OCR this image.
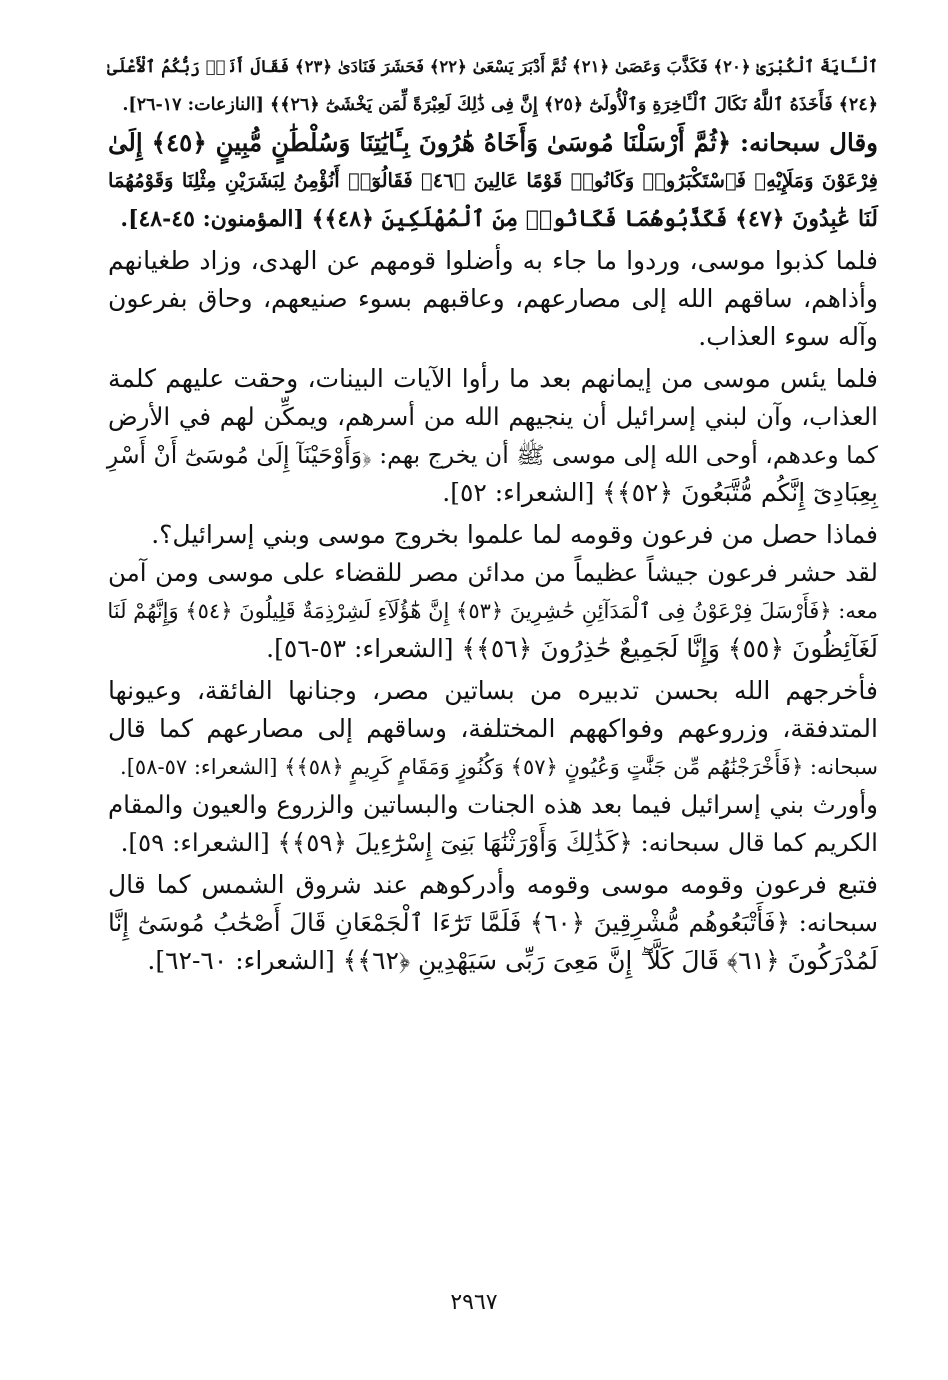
ٱلْـَٔايَةَ ٱلْكُبْرَىٰ ﴿٢٠﴾ فَكَذَّبَ وَعَصَىٰ ﴿٢١﴾ ثُمَّ أَدْبَرَ يَسْعَىٰ ﴿٢٢﴾ فَحَشَرَ فَنَادَىٰ ﴿٢٣﴾ فَقَالَ أَنَا۠ رَبُّكُمُ ٱلْأَعْلَىٰ
﴿٢٤﴾ فَأَخَذَهُ ٱللَّهُ نَكَالَ ٱلْـَٔاخِرَةِ وَٱلْأُولَىٰٓ ﴿٢٥﴾ إِنَّ فِى ذَٰلِكَ لَعِبْرَةً لِّمَن يَخْشَىٰٓ ﴿٢٦﴾﴾ [النازعات: ١٧-٢٦].
وقال سبحانه: ﴿ثُمَّ أَرْسَلْنَا مُوسَىٰ وَأَخَاهُ هَٰرُونَ بِـَٔايَٰتِنَا وَسُلْطَٰنٍ مُّبِينٍ ﴿٤٥﴾ إِلَىٰ
فِرْعَوْنَ وَمَلَإِيْهِۦ فَٱسْتَكْبَرُوا۟ وَكَانُوا۟ قَوْمًا عَالِينَ ﴿٤٦﴾ فَقَالُوٓا۟ أَنُؤْمِنُ لِبَشَرَيْنِ مِثْلِنَا وَقَوْمُهُمَا
لَنَا عَٰبِدُونَ ﴿٤٧﴾ فَكَذَّبُوهُمَا فَكَانُوا۟ مِنَ ٱلْمُهْلَكِينَ ﴿٤٨﴾﴾ [المؤمنون: ٤٥-٤٨].
فلما كذبوا موسى، وردوا ما جاء به وأضلوا قومهم عن الهدى، وزاد طغيانهم
وأذاهم، ساقهم الله إلى مصارعهم، وعاقبهم بسوء صنيعهم، وحاق بفرعون
وآله سوء العذاب.
فلما يئس موسى من إيمانهم بعد ما رأوا الآيات البينات، وحقت عليهم كلمة
العذاب، وآن لبني إسرائيل أن ينجيهم الله من أسرهم، ويمكِّن لهم في الأرض
كما وعدهم، أوحى الله إلى موسى ﷺ أن يخرج بهم: ﴿وَأَوْحَيْنَآ إِلَىٰ مُوسَىٰٓ أَنْ أَسْرِ
بِعِبَادِىٓ إِنَّكُم مُّتَّبَعُونَ ﴿٥٢﴾﴾ [الشعراء: ٥٢].
فماذا حصل من فرعون وقومه لما علموا بخروج موسى وبني إسرائيل؟.
لقد حشر فرعون جيشاً عظيماً من مدائن مصر للقضاء على موسى ومن آمن
معه: ﴿فَأَرْسَلَ فِرْعَوْنُ فِى ٱلْمَدَآئِنِ حَٰشِرِينَ ﴿٥٣﴾ إِنَّ هَٰٓؤُلَآءِ لَشِرْذِمَةٌ قَلِيلُونَ ﴿٥٤﴾ وَإِنَّهُمْ لَنَا
لَغَآئِظُونَ ﴿٥٥﴾ وَإِنَّا لَجَمِيعٌ حَٰذِرُونَ ﴿٥٦﴾﴾ [الشعراء: ٥٣-٥٦].
فأخرجهم الله بحسن تدبيره من بساتين مصر، وجنانها الفائقة، وعيونها
المتدفقة، وزروعهم وفواكههم المختلفة، وساقهم إلى مصارعهم كما قال
سبحانه: ﴿فَأَخْرَجْنَٰهُم مِّن جَنَّٰتٍ وَعُيُونٍ ﴿٥٧﴾ وَكُنُوزٍ وَمَقَامٍ كَرِيمٍ ﴿٥٨﴾﴾ [الشعراء: ٥٧-٥٨].
وأورث بني إسرائيل فيما بعد هذه الجنات والبساتين والزروع والعيون والمقام
الكريم كما قال سبحانه: ﴿كَذَٰلِكَ وَأَوْرَثْنَٰهَا بَنِىٓ إِسْرَٰٓءِيلَ ﴿٥٩﴾﴾ [الشعراء: ٥٩].
فتبع فرعون وقومه موسى وقومه وأدركوهم عند شروق الشمس كما قال
سبحانه: ﴿فَأَتْبَعُوهُم مُّشْرِقِينَ ﴿٦٠﴾ فَلَمَّا تَرَٰٓءَا ٱلْجَمْعَانِ قَالَ أَصْحَٰبُ مُوسَىٰٓ إِنَّا
لَمُدْرَكُونَ ﴿٦١﴾ قَالَ كَلَّآ ۖ إِنَّ مَعِىَ رَبِّى سَيَهْدِينِ ﴿٦٢﴾﴾ [الشعراء: ٦٠-٦٢].
٢٩٦٧
